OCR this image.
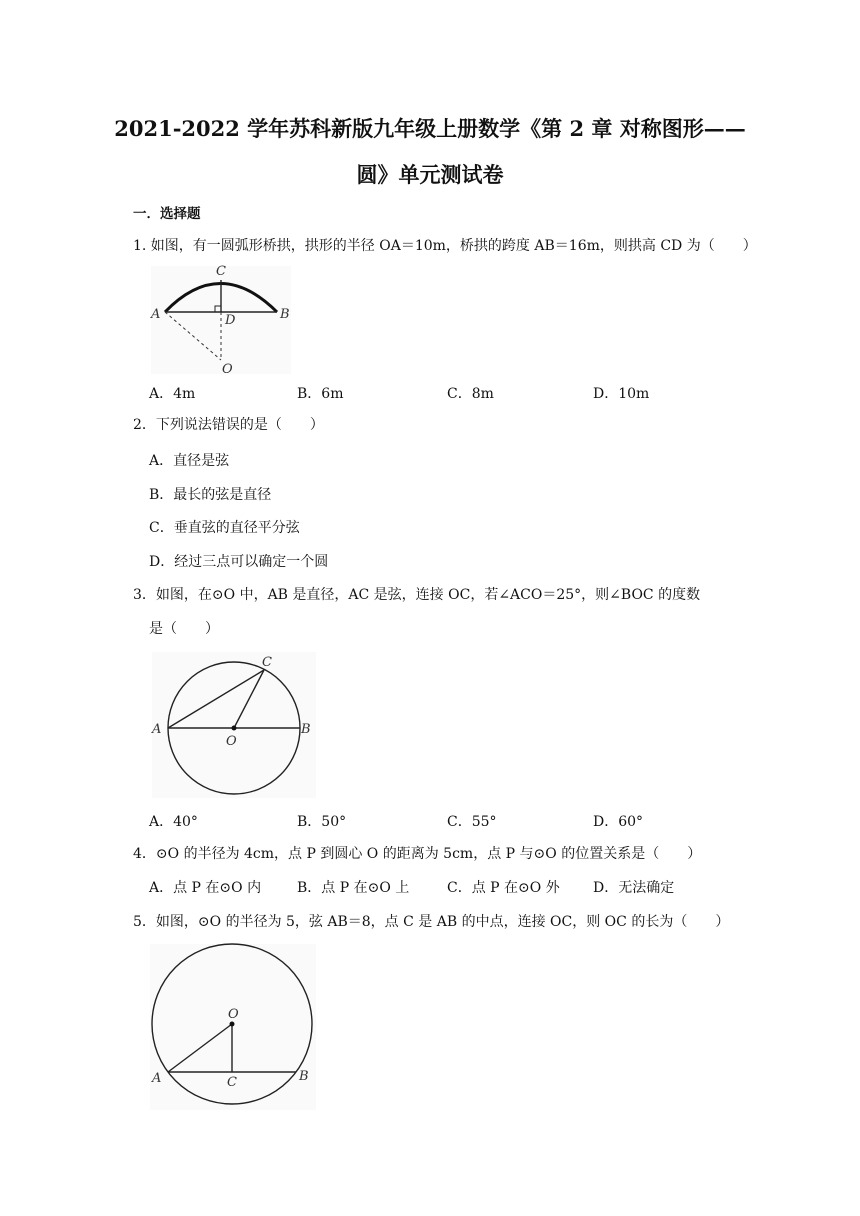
2021-2022 学年苏科新版九年级上册数学《第 2 章 对称图形——
圆》单元测试卷
一．选择题
1. 如图，有一圆弧形桥拱，拱形的半径 OA＝10m，桥拱的跨度 AB＝16m，则拱高 CD 为（　　）
C
A	D	B
O
A．4m	B．6m	C．8m	D．10m
2．下列说法错误的是（　　）
A．直径是弦
B．最长的弦是直径
C．垂直弦的直径平分弦
D．经过三点可以确定一个圆
3．如图，在⊙O 中，AB 是直径，AC 是弦，连接 OC，若∠ACO＝25°，则∠BOC 的度数
是（　　）
C
A
O
B
A．40°	B．50°	C．55°	D．60°
4．⊙O 的半径为 4cm，点 P 到圆心 O 的距离为 5cm，点 P 与⊙O 的位置关系是（　　）
A．点 P 在⊙O 内	B．点 P 在⊙O 上	C．点 P 在⊙O 外 D．无法确定
5．如图，⊙O 的半径为 5，弦 AB＝8，点 C 是 AB 的中点，连接 OC，则 OC 的长为（　　）
O
A	C	B
